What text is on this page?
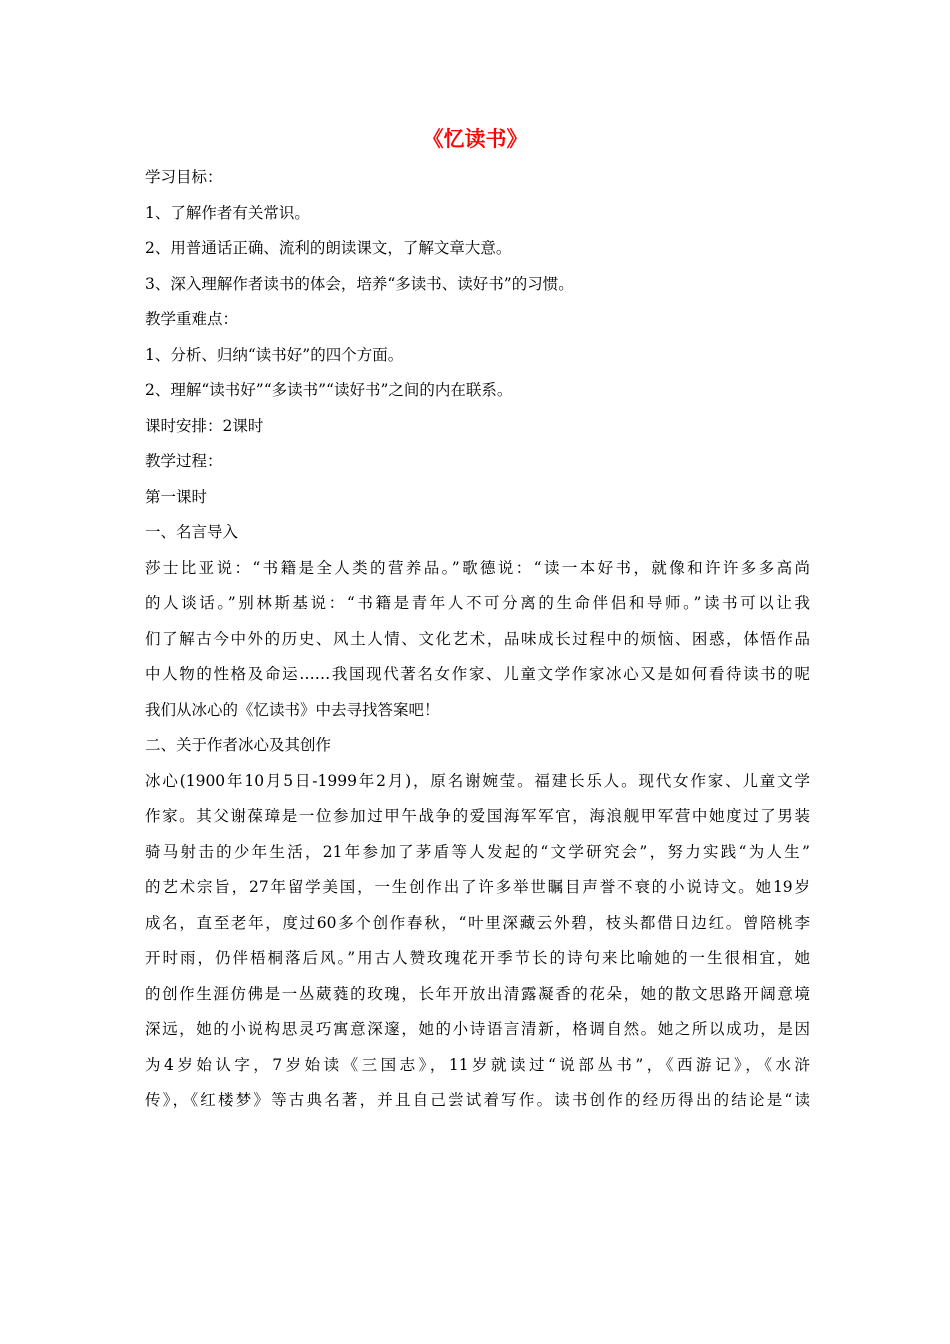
《忆读书》
学习目标：
1、了解作者有关常识。
2、用普通话正确、流利的朗读课文，了解文章大意。
3、深入理解作者读书的体会，培养“多读书、读好书”的习惯。
教学重难点：
1、分析、归纳“读书好”的四个方面。
2、理解“读书好”“多读书”“读好书”之间的内在联系。
课时安排：2课时
教学过程：
第一课时
一、名言导入
莎士比亚说：“书籍是全人类的营养品。”歌德说：“读一本好书，就像和许许多多高尚
的人谈话。”别林斯基说：“书籍是青年人不可分离的生命伴侣和导师。”读书可以让我
们了解古今中外的历史、风土人情、文化艺术，品味成长过程中的烦恼、困惑，体悟作品
中人物的性格及命运……我国现代著名女作家、儿童文学作家冰心又是如何看待读书的呢
我们从冰心的《忆读书》中去寻找答案吧！
二、关于作者冰心及其创作
冰心(1900年10月5日-1999年2月)，原名谢婉莹。福建长乐人。现代女作家、儿童文学
作家。其父谢葆璋是一位参加过甲午战争的爱国海军军官，海浪舰甲军营中她度过了男装
骑马射击的少年生活，21年参加了茅盾等人发起的“文学研究会”，努力实践“为人生”
的艺术宗旨，27年留学美国，一生创作出了许多举世瞩目声誉不衰的小说诗文。她19岁
成名，直至老年，度过60多个创作春秋，“叶里深藏云外碧，枝头都借日边红。曾陪桃李
开时雨，仍伴梧桐落后风。”用古人赞玫瑰花开季节长的诗句来比喻她的一生很相宜，她
的创作生涯仿佛是一丛葳蕤的玫瑰，长年开放出清露凝香的花朵，她的散文思路开阔意境
深远，她的小说构思灵巧寓意深邃，她的小诗语言清新，格调自然。她之所以成功，是因
为4岁始认字，7岁始读《三国志》，11岁就读过“说部丛书”，《西游记》，《水浒
传》，《红楼梦》等古典名著，并且自己尝试着写作。读书创作的经历得出的结论是“读
